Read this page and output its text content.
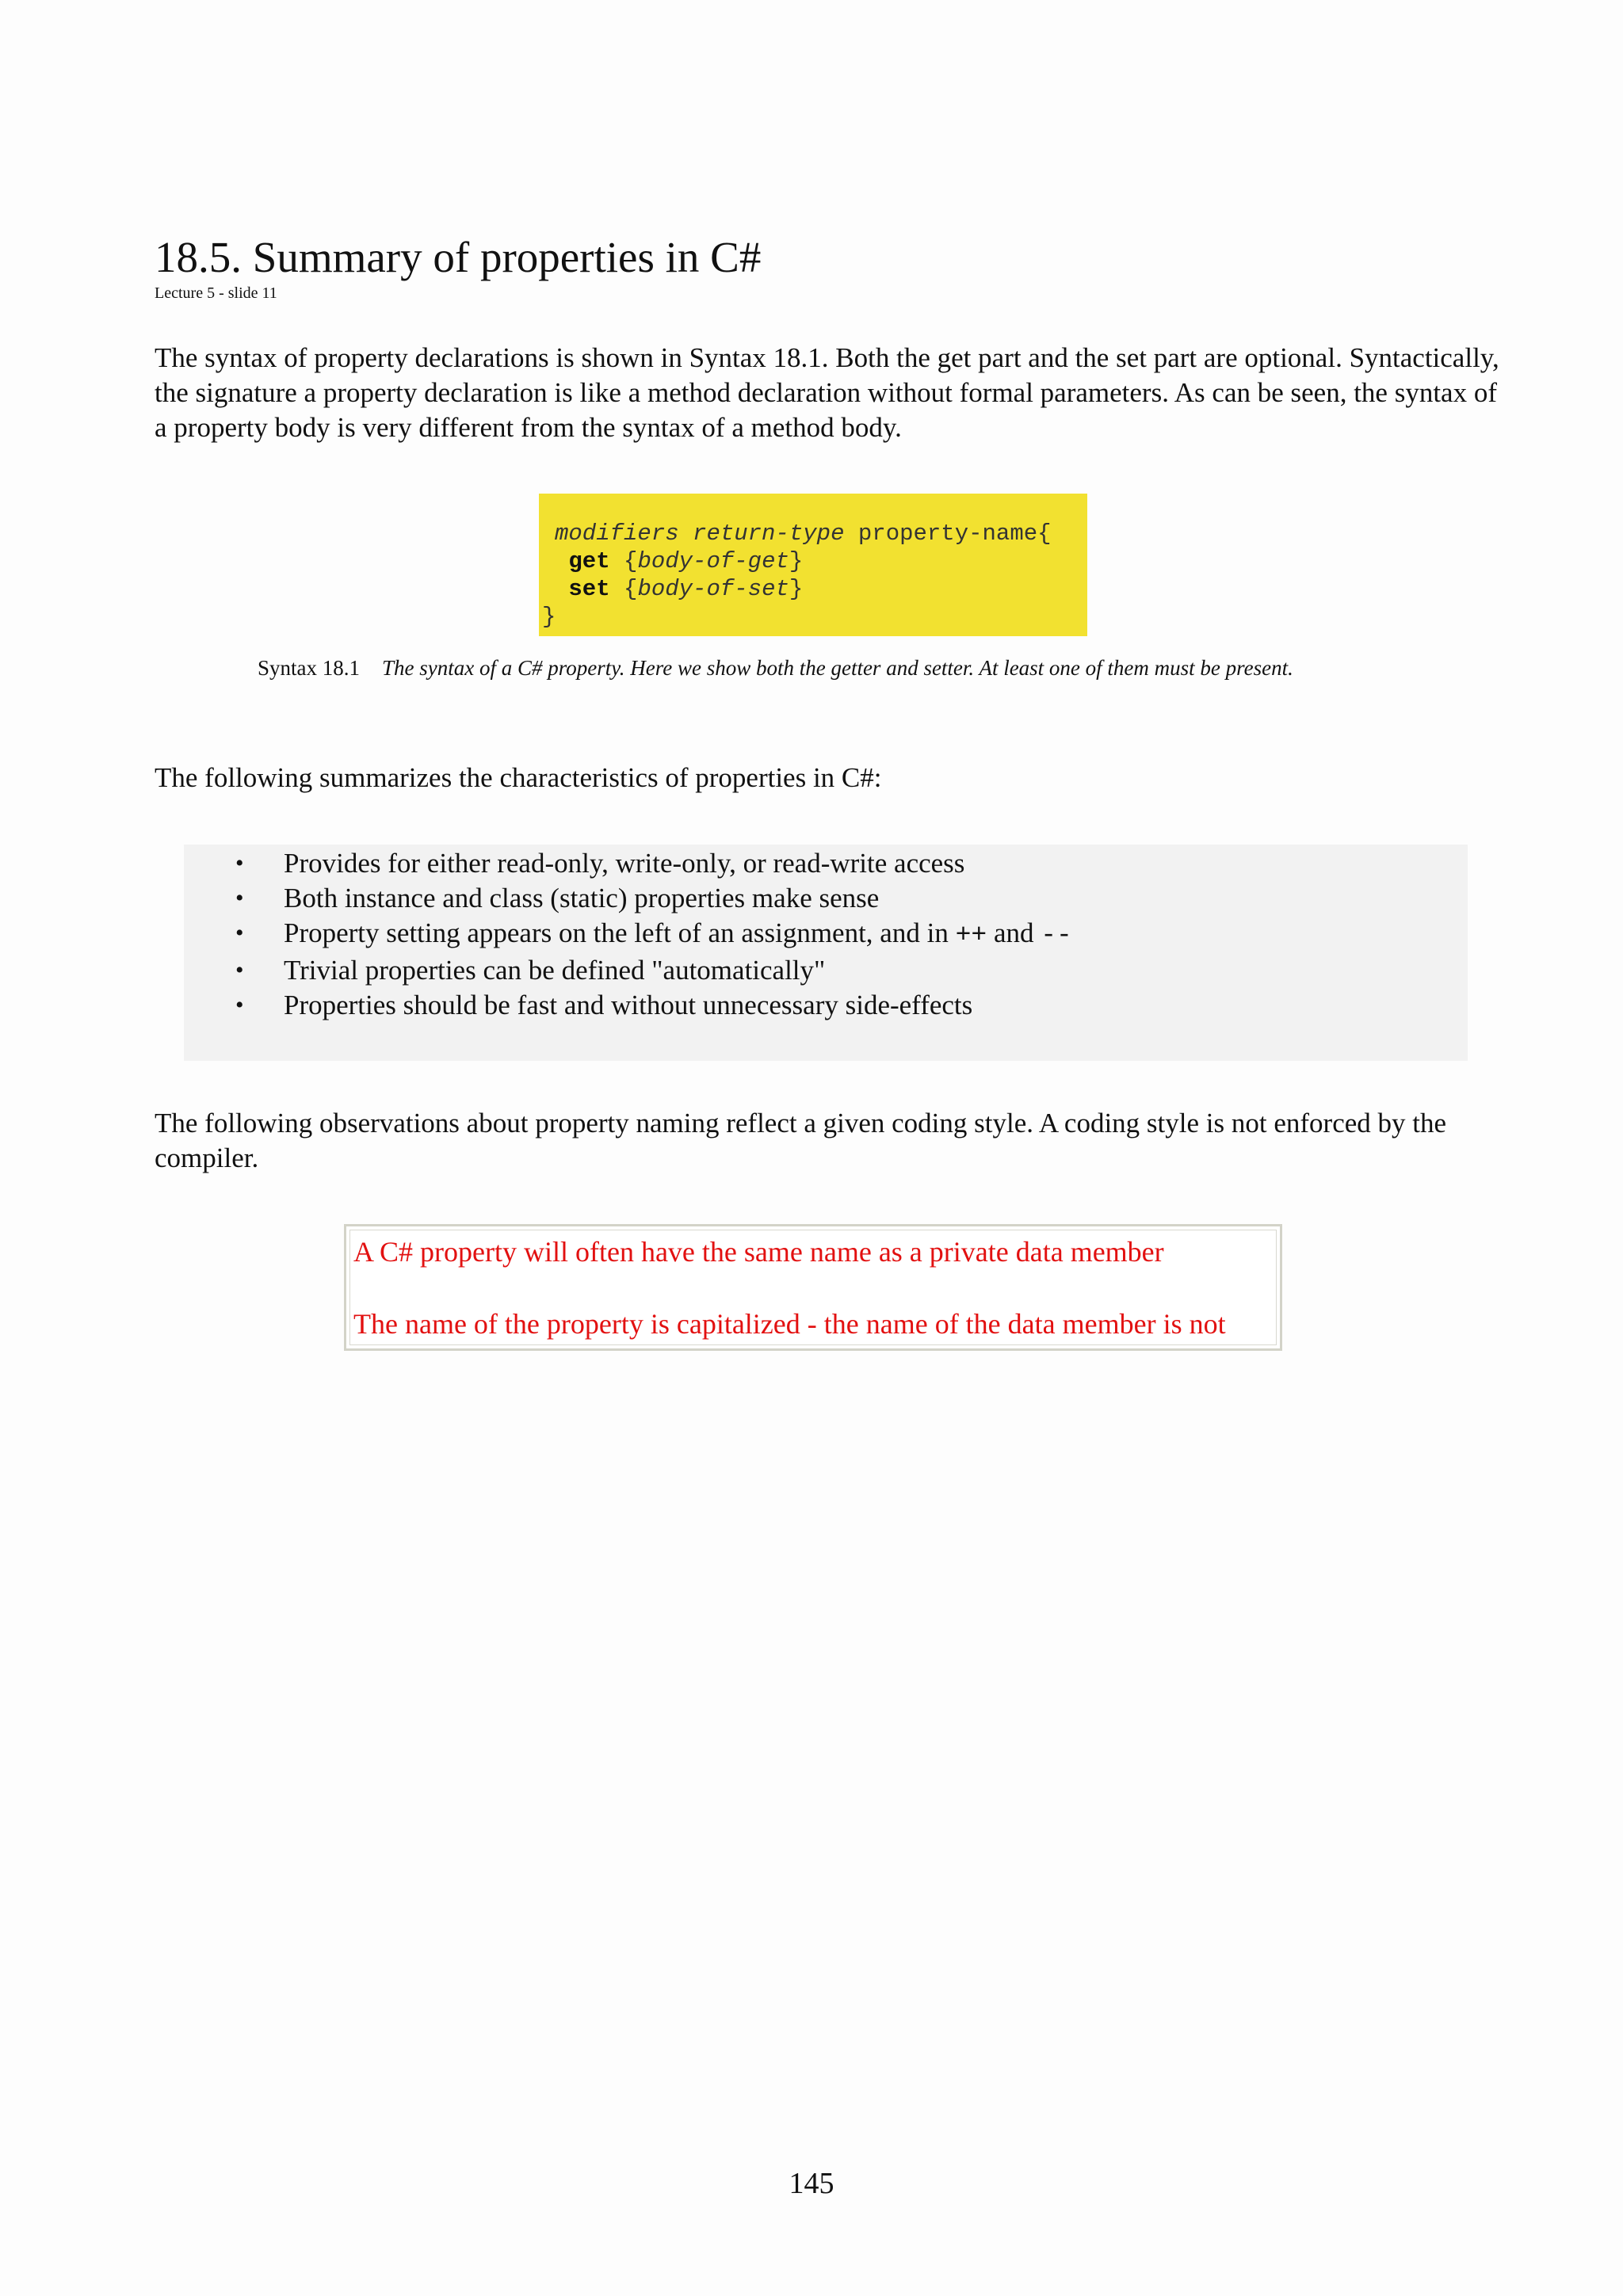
18.5. Summary of properties in C#
Lecture 5 - slide 11
The syntax of property declarations is shown in Syntax 18.1. Both the get part and the set part are optional. Syntactically, the signature a property declaration is like a method declaration without formal parameters. As can be seen, the syntax of a property body is very different from the syntax of a method body.
modifiers return-type property-name{
get {body-of-get}
set {body-of-set}
}
Syntax 18.1 The syntax of a C# property. Here we show both the getter and setter. At least one of them must be present.
The following summarizes the characteristics of properties in C#:
• Provides for either read-only, write-only, or read-write access
• Both instance and class (static) properties make sense
• Property setting appears on the left of an assignment, and in ++ and --
• Trivial properties can be defined "automatically"
• Properties should be fast and without unnecessary side-effects
The following observations about property naming reflect a given coding style. A coding style is not enforced by the compiler.
A C# property will often have the same name as a private data member
The name of the property is capitalized - the name of the data member is not
145
